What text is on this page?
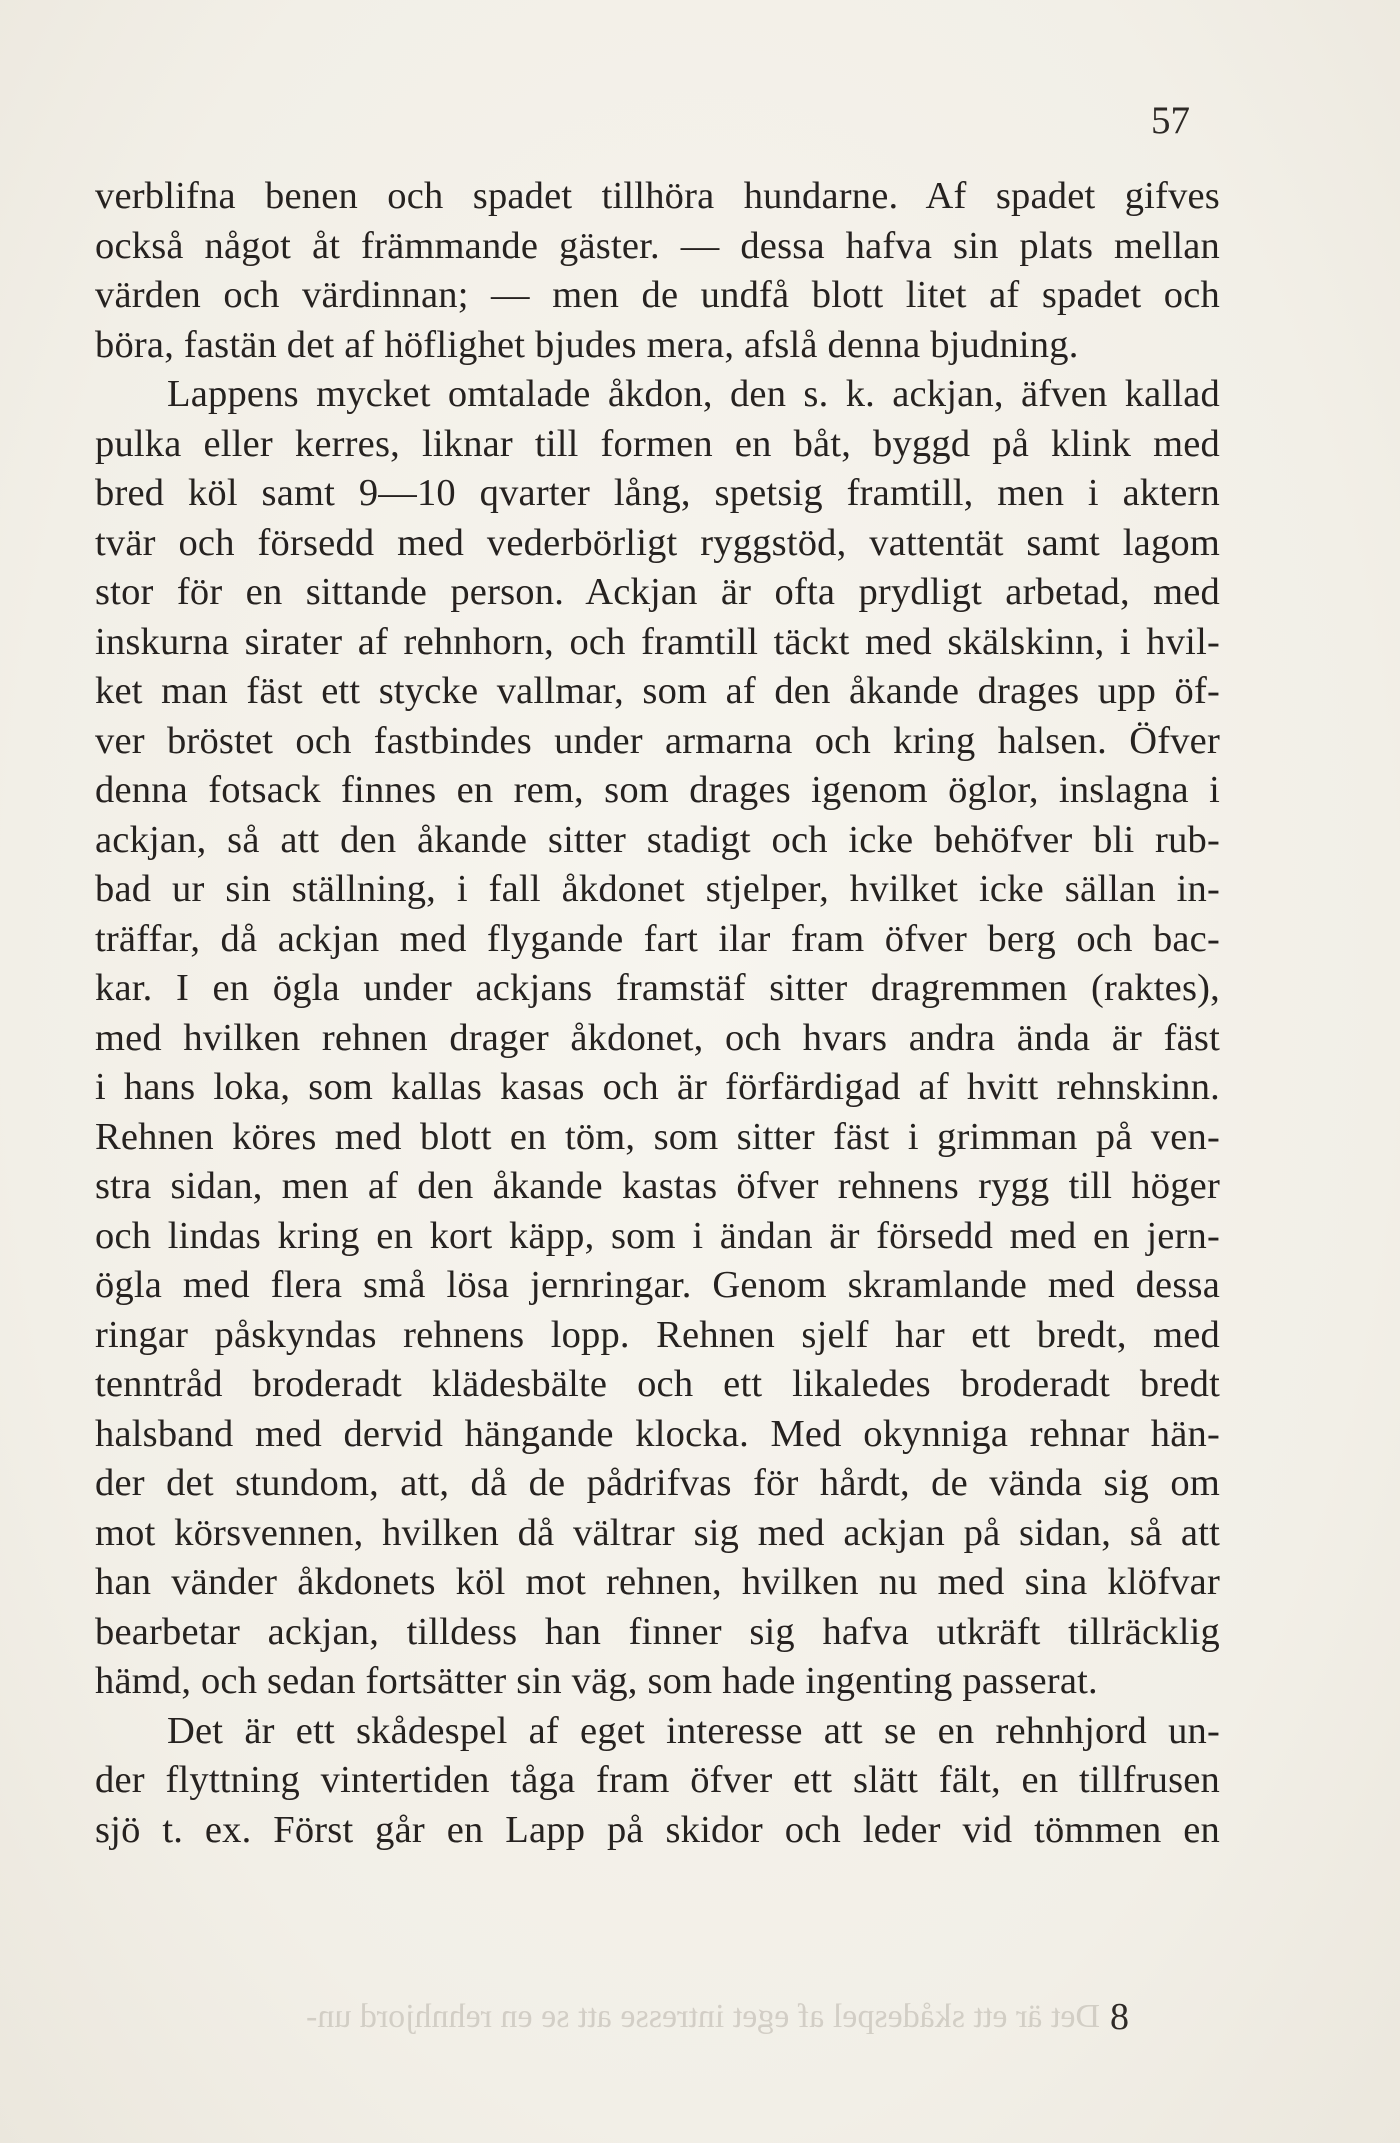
57
verblifna benen och spadet tillhöra hundarne. Af spadet gifves
också något åt främmande gäster. — dessa hafva sin plats mellan
värden och värdinnan; — men de undfå blott litet af spadet och
böra, fastän det af höflighet bjudes mera, afslå denna bjudning.
Lappens mycket omtalade åkdon, den s. k. ackjan, äfven kallad
pulka eller kerres, liknar till formen en båt, byggd på klink med
bred köl samt 9—10 qvarter lång, spetsig framtill, men i aktern
tvär och försedd med vederbörligt ryggstöd, vattentät samt lagom
stor för en sittande person. Ackjan är ofta prydligt arbetad, med
inskurna sirater af rehnhorn, och framtill täckt med skälskinn, i hvil-
ket man fäst ett stycke vallmar, som af den åkande drages upp öf-
ver bröstet och fastbindes under armarna och kring halsen. Öfver
denna fotsack finnes en rem, som drages igenom öglor, inslagna i
ackjan, så att den åkande sitter stadigt och icke behöfver bli rub-
bad ur sin ställning, i fall åkdonet stjelper, hvilket icke sällan in-
träffar, då ackjan med flygande fart ilar fram öfver berg och bac-
kar. I en ögla under ackjans framstäf sitter dragremmen (raktes),
med hvilken rehnen drager åkdonet, och hvars andra ända är fäst
i hans loka, som kallas kasas och är förfärdigad af hvitt rehnskinn.
Rehnen köres med blott en töm, som sitter fäst i grimman på ven-
stra sidan, men af den åkande kastas öfver rehnens rygg till höger
och lindas kring en kort käpp, som i ändan är försedd med en jern-
ögla med flera små lösa jernringar. Genom skramlande med dessa
ringar påskyndas rehnens lopp. Rehnen sjelf har ett bredt, med
tenntråd broderadt klädesbälte och ett likaledes broderadt bredt
halsband med dervid hängande klocka. Med okynniga rehnar hän-
der det stundom, att, då de pådrifvas för hårdt, de vända sig om
mot körsvennen, hvilken då vältrar sig med ackjan på sidan, så att
han vänder åkdonets köl mot rehnen, hvilken nu med sina klöfvar
bearbetar ackjan, tilldess han finner sig hafva utkräft tillräcklig
hämd, och sedan fortsätter sin väg, som hade ingenting passerat.
Det är ett skådespel af eget interesse att se en rehnhjord un-
der flyttning vintertiden tåga fram öfver ett slätt fält, en tillfrusen
sjö t. ex. Först går en Lapp på skidor och leder vid tömmen en
Det är ett skådespel af eget intresse att se en rehnhjord un- 8
